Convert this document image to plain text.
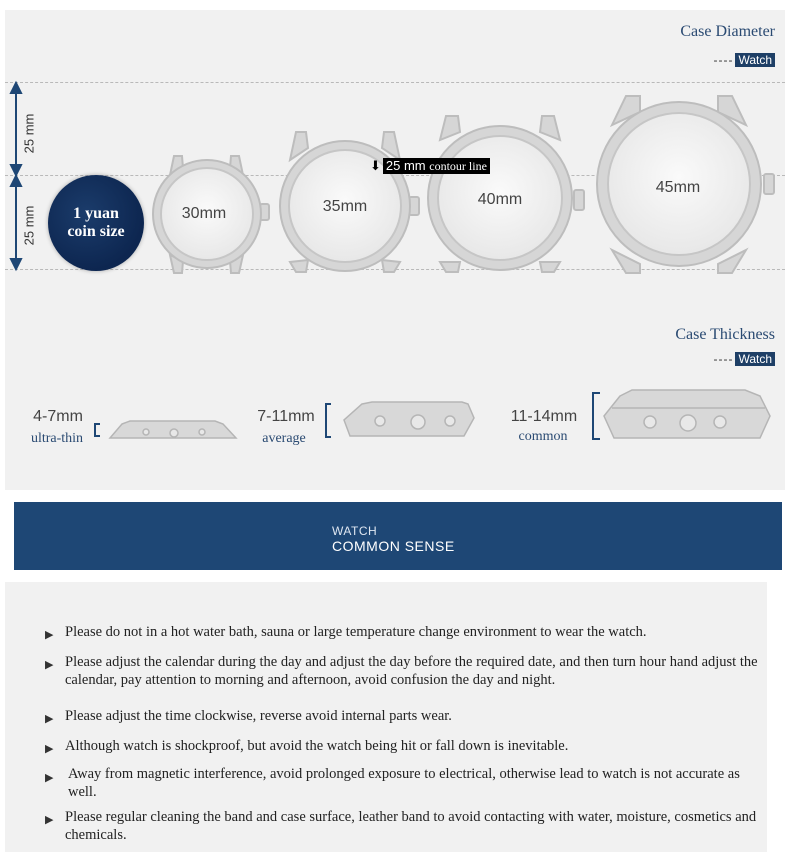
Case Diameter
---- Watch
25 mm
25 mm 1 yuan
coin size
30mm	35mm	40mm
45mm
⬇ 25 mm contour line
Case Thickness
---- Watch
4-7mm
ultra-thin
7-11mm
average
11-14mm
common
WATCH
COMMON SENSE
▶ Please do not in a hot water bath, sauna or large temperature change environment to wear the watch.
▶ Please adjust the calendar during the day and adjust the day before the required date, and then turn hour hand adjust the calendar, pay attention to morning and afternoon, avoid confusion the day and night.
▶ Please adjust the time clockwise, reverse avoid internal parts wear.
▶ Although watch is shockproof, but avoid the watch being hit or fall down is inevitable.
▶ Away from magnetic interference, avoid prolonged exposure to electrical, otherwise lead to watch is not accurate as well.
▶ Please regular cleaning the band and case surface, leather band to avoid contacting with water, moisture, cosmetics and chemicals.
